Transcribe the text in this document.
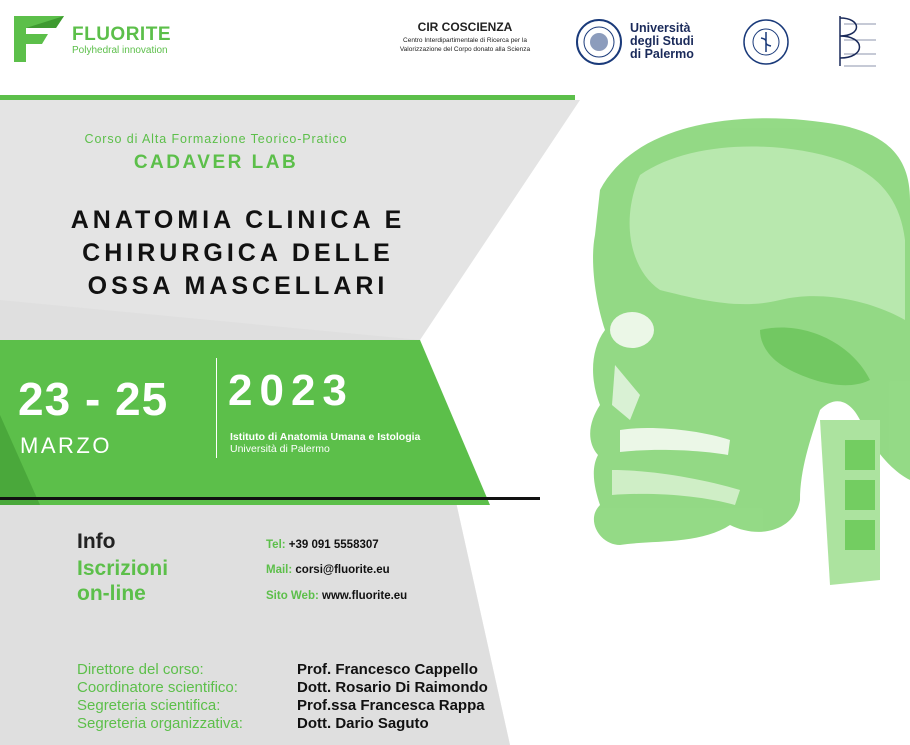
FLUORITE
Polyhedral innovation
CIR COSCIENZA
Centro Interdipartimentale di Ricerca per la Valorizzazione del Corpo donato alla Scienza
Università
degli Studi
di Palermo
Corso di Alta Formazione Teorico-Pratico
CADAVER LAB
ANATOMIA CLINICA E
CHIRURGICA DELLE
OSSA MASCELLARI
23 - 25
MARZO
2023
Istituto di Anatomia Umana e Istologia
Università di Palermo
Info
Iscrizioni
on-line
Tel: +39 091 5558307
Mail: corsi@fluorite.eu
Sito Web: www.fluorite.eu
Direttore del corso:	Prof. Francesco Cappello
Coordinatore scientifico:	Dott. Rosario Di Raimondo
Segreteria scientifica:	Prof.ssa Francesca Rappa
Segreteria organizzativa:	Dott. Dario Saguto
